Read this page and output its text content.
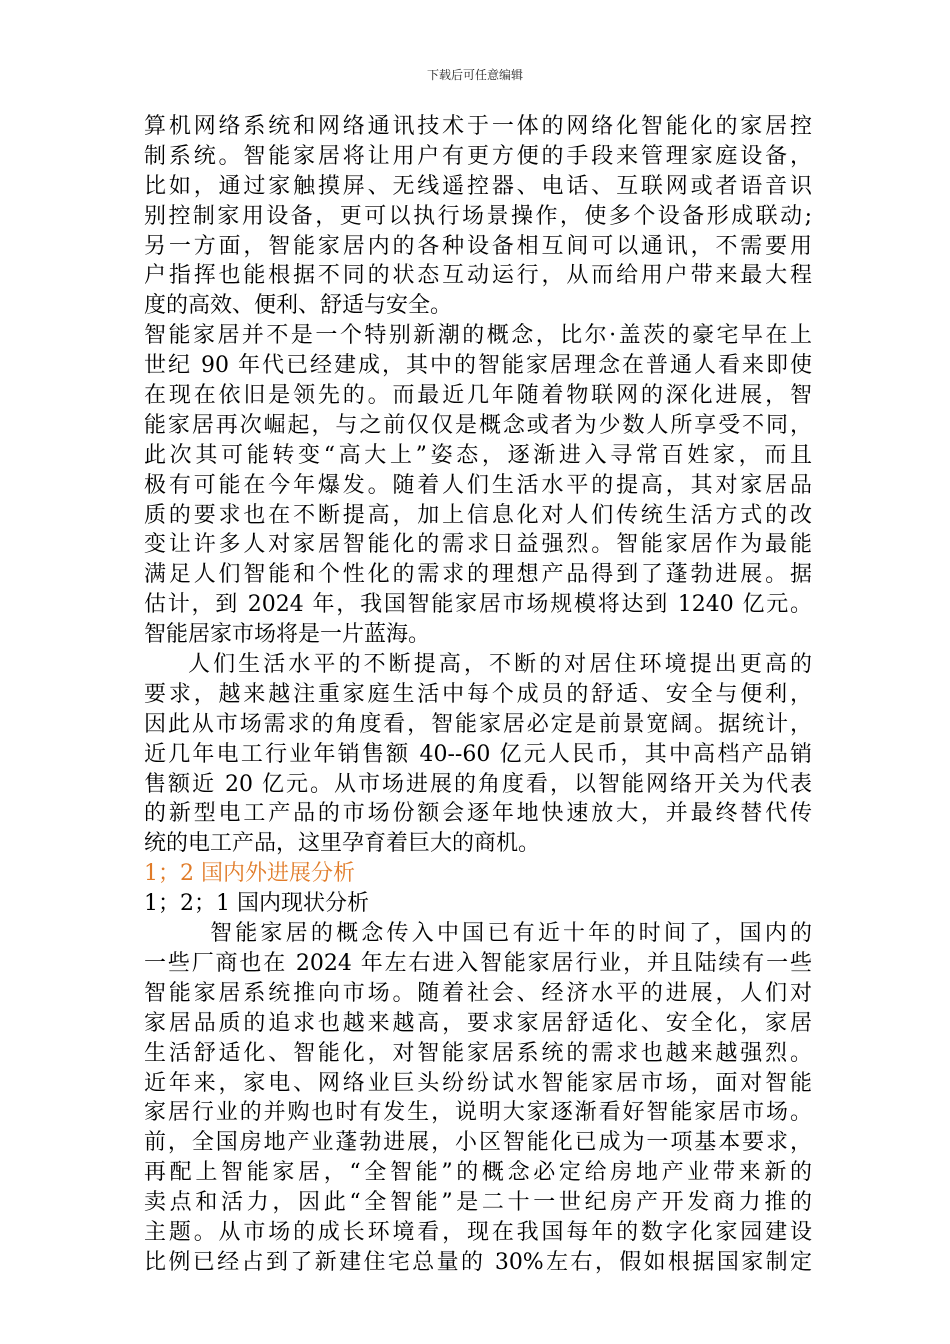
下载后可任意编辑
算机网络系统和网络通讯技术于一体的网络化智能化的家居控
制系统。智能家居将让用户有更方便的手段来管理家庭设备，
比如，通过家触摸屏、无线遥控器、电话、互联网或者语音识
别控制家用设备，更可以执行场景操作，使多个设备形成联动;
另一方面，智能家居内的各种设备相互间可以通讯，不需要用
户指挥也能根据不同的状态互动运行，从而给用户带来最大程
度的高效、便利、舒适与安全。
智能家居并不是一个特别新潮的概念，比尔·盖茨的豪宅早在上
世纪 90 年代已经建成，其中的智能家居理念在普通人看来即使
在现在依旧是领先的。而最近几年随着物联网的深化进展，智
能家居再次崛起，与之前仅仅是概念或者为少数人所享受不同，
此次其可能转变“高大上”姿态，逐渐进入寻常百姓家，而且
极有可能在今年爆发。随着人们生活水平的提高，其对家居品
质的要求也在不断提高，加上信息化对人们传统生活方式的改
变让许多人对家居智能化的需求日益强烈。智能家居作为最能
满足人们智能和个性化的需求的理想产品得到了蓬勃进展。据
估计，到 2024 年，我国智能家居市场规模将达到 1240 亿元。
智能居家市场将是一片蓝海。
人们生活水平的不断提高，不断的对居住环境提出更高的
要求，越来越注重家庭生活中每个成员的舒适、安全与便利，
因此从市场需求的角度看，智能家居必定是前景宽阔。据统计，
近几年电工行业年销售额 40--60 亿元人民币，其中高档产品销
售额近 20 亿元。从市场进展的角度看，以智能网络开关为代表
的新型电工产品的市场份额会逐年地快速放大，并最终替代传
统的电工产品，这里孕育着巨大的商机。
1；2 国内外进展分析
1；2；1 国内现状分析
智能家居的概念传入中国已有近十年的时间了，国内的
一些厂商也在 2024 年左右进入智能家居行业，并且陆续有一些
智能家居系统推向市场。随着社会、经济水平的进展，人们对
家居品质的追求也越来越高，要求家居舒适化、安全化，家居
生活舒适化、智能化，对智能家居系统的需求也越来越强烈。
近年来，家电、网络业巨头纷纷试水智能家居市场，面对智能
家居行业的并购也时有发生，说明大家逐渐看好智能家居市场。
前，全国房地产业蓬勃进展，小区智能化已成为一项基本要求，
再配上智能家居，“全智能”的概念必定给房地产业带来新的
卖点和活力，因此“全智能”是二十一世纪房产开发商力推的
主题。从市场的成长环境看，现在我国每年的数字化家园建设
比例已经占到了新建住宅总量的 30%左右，假如根据国家制定
